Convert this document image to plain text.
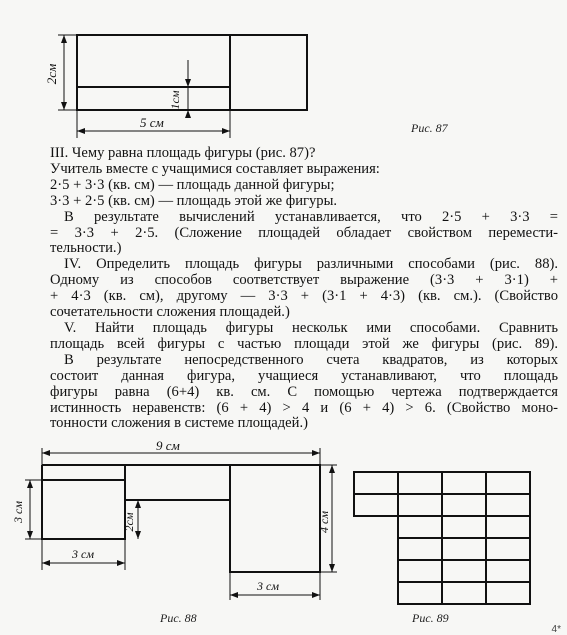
2см
5 см
1см
Рис. 87
III. Чему равна площадь фигуры (рис. 87)?
Учитель вместе с учащимися составляет выражения:
2·5 + 3·3 (кв. см) — площадь данной фигуры;
3·3 + 2·5 (кв. см) — площадь этой же фигуры.
В результате вычислений устанавливается, что 2·5 + 3·3 =
= 3·3 + 2·5. (Сложение площадей обладает свойством перемести-
тельности.)
IV. Определить площадь фигуры различными способами (рис. 88).
Одному из способов соответствует выражение (3·3 + 3·1) +
+ 4·3 (кв. см), другому — 3·3 + (3·1 + 4·3) (кв. см.). (Свойство
сочетательности сложения площадей.)
V. Найти площадь фигуры нескольк ими способами. Сравнить
площадь всей фигуры с частью площади этой же фигуры (рис. 89).
В результате непосредственного счета квадратов, из которых
состоит данная фигура, учащиеся устанавливают, что площадь
фигуры равна (6+4) кв. см. С помощью чертежа подтверждается
истинность неравенств: (6 + 4) > 4 и (6 + 4) > 6. (Свойство моно-
тонности сложения в системе площадей.)
9 см
3 см	2см
3 см
4 см
3 см
Рис. 88	Рис. 89
4*
